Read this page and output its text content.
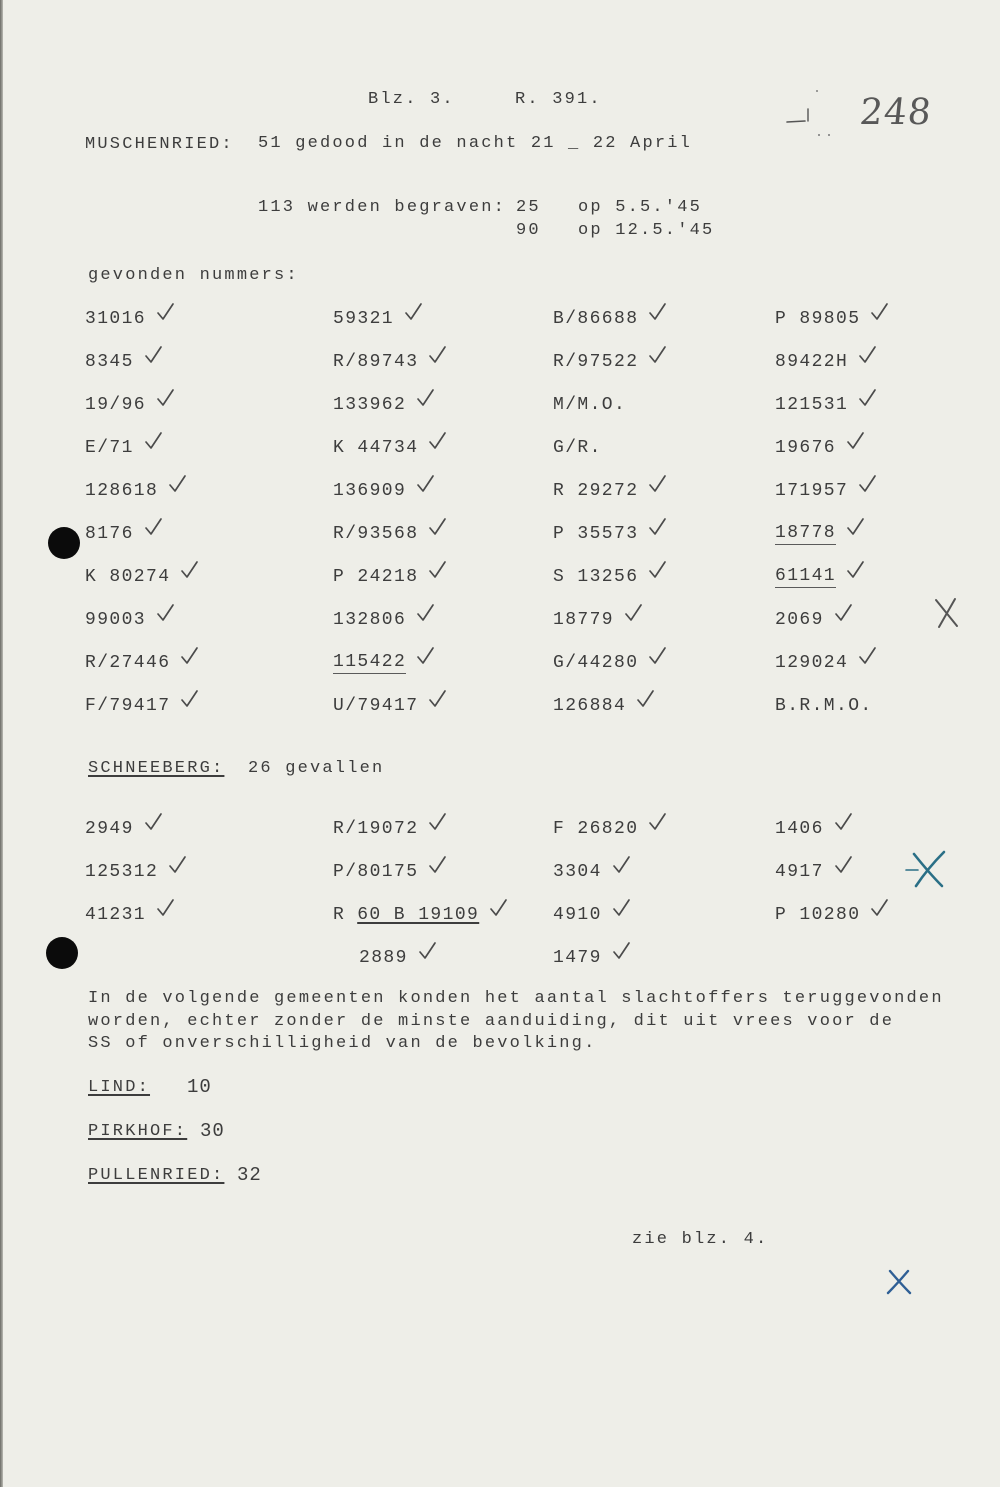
Blz. 3.	R. 391.	248
MUSCHENRIED: 51 gedood in de nacht 21 _ 22 April
113 werden begraven: 25 op 5.5.'45
90 op 12.5.'45
gevonden nummers:
31016
8345
19/96
E/71
128618
8176
K 80274
99003
R/27446
F/79417
59321
R/89743
133962
K 44734
136909
R/93568
P 24218
132806
115422
U/79417
B/86688
R/97522
M/M.O.
G/R.
R 29272
P 35573
S 13256
18779
G/44280
126884
P 89805
89422H
121531
19676
171957
18778
61141
2069
129024
B.R.M.O.
SCHNEEBERG: 26 gevallen
2949
125312
41231
R/19072
P/80175
R 60 B 19109
2889
F 26820
3304
4910
1479
1406
4917
P 10280
In de volgende gemeenten konden het aantal slachtoffers teruggevonden
worden, echter zonder de minste aanduiding, dit uit vrees voor de
SS of onverschilligheid van de bevolking.
LIND: 10
PIRKHOF: 30
PULLENRIED: 32
zie blz. 4.
